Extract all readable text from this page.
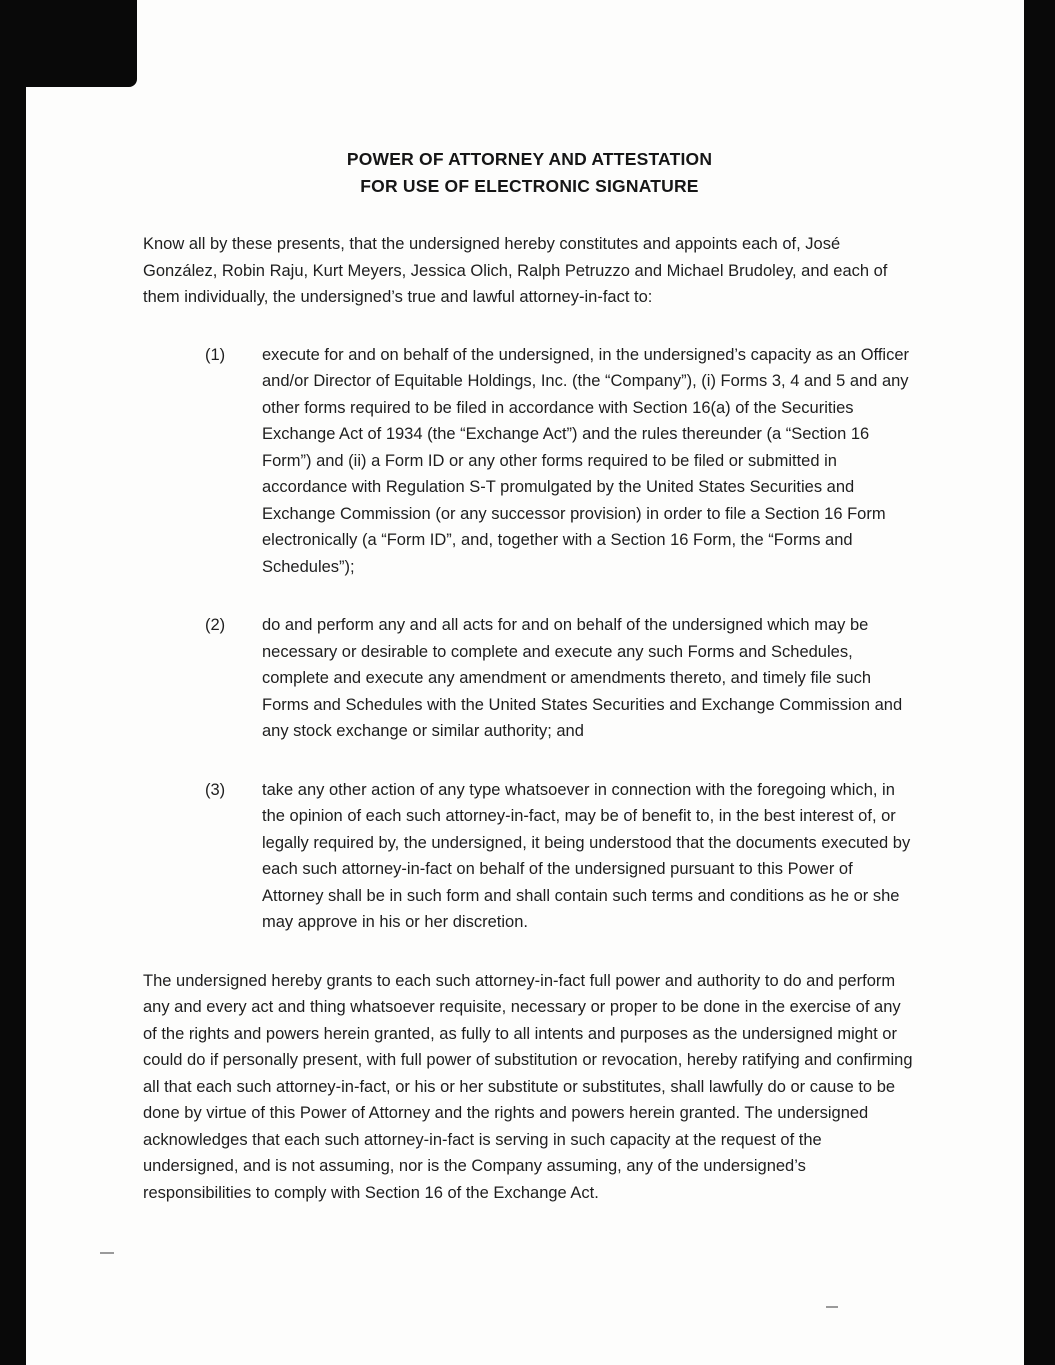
POWER OF ATTORNEY AND ATTESTATION
FOR USE OF ELECTRONIC SIGNATURE

Know all by these presents, that the undersigned hereby constitutes and appoints each of, José González, Robin Raju, Kurt Meyers, Jessica Olich, Ralph Petruzzo and Michael Brudoley, and each of them individually, the undersigned’s true and lawful attorney-in-fact to:

(1)	execute for and on behalf of the undersigned, in the undersigned’s capacity as an Officer and/or Director of Equitable Holdings, Inc. (the “Company”), (i) Forms 3, 4 and 5 and any other forms required to be filed in accordance with Section 16(a) of the Securities Exchange Act of 1934 (the “Exchange Act”) and the rules thereunder (a “Section 16 Form”) and (ii) a Form ID or any other forms required to be filed or submitted in accordance with Regulation S-T promulgated by the United States Securities and Exchange Commission (or any successor provision) in order to file a Section 16 Form electronically (a “Form ID”, and, together with a Section 16 Form, the “Forms and Schedules”);
(2)	do and perform any and all acts for and on behalf of the undersigned which may be necessary or desirable to complete and execute any such Forms and Schedules, complete and execute any amendment or amendments thereto, and timely file such Forms and Schedules with the United States Securities and Exchange Commission and any stock exchange or similar authority; and
(3)	take any other action of any type whatsoever in connection with the foregoing which, in the opinion of each such attorney-in-fact, may be of benefit to, in the best interest of, or legally required by, the undersigned, it being understood that the documents executed by each such attorney-in-fact on behalf of the undersigned pursuant to this Power of Attorney shall be in such form and shall contain such terms and conditions as he or she may approve in his or her discretion.

The undersigned hereby grants to each such attorney-in-fact full power and authority to do and perform any and every act and thing whatsoever requisite, necessary or proper to be done in the exercise of any of the rights and powers herein granted, as fully to all intents and purposes as the undersigned might or could do if personally present, with full power of substitution or revocation, hereby ratifying and confirming all that each such attorney-in-fact, or his or her substitute or substitutes, shall lawfully do or cause to be done by virtue of this Power of Attorney and the rights and powers herein granted. The undersigned acknowledges that each such attorney-in-fact is serving in such capacity at the request of the undersigned, and is not assuming, nor is the Company assuming, any of the undersigned’s responsibilities to comply with Section 16 of the Exchange Act.
